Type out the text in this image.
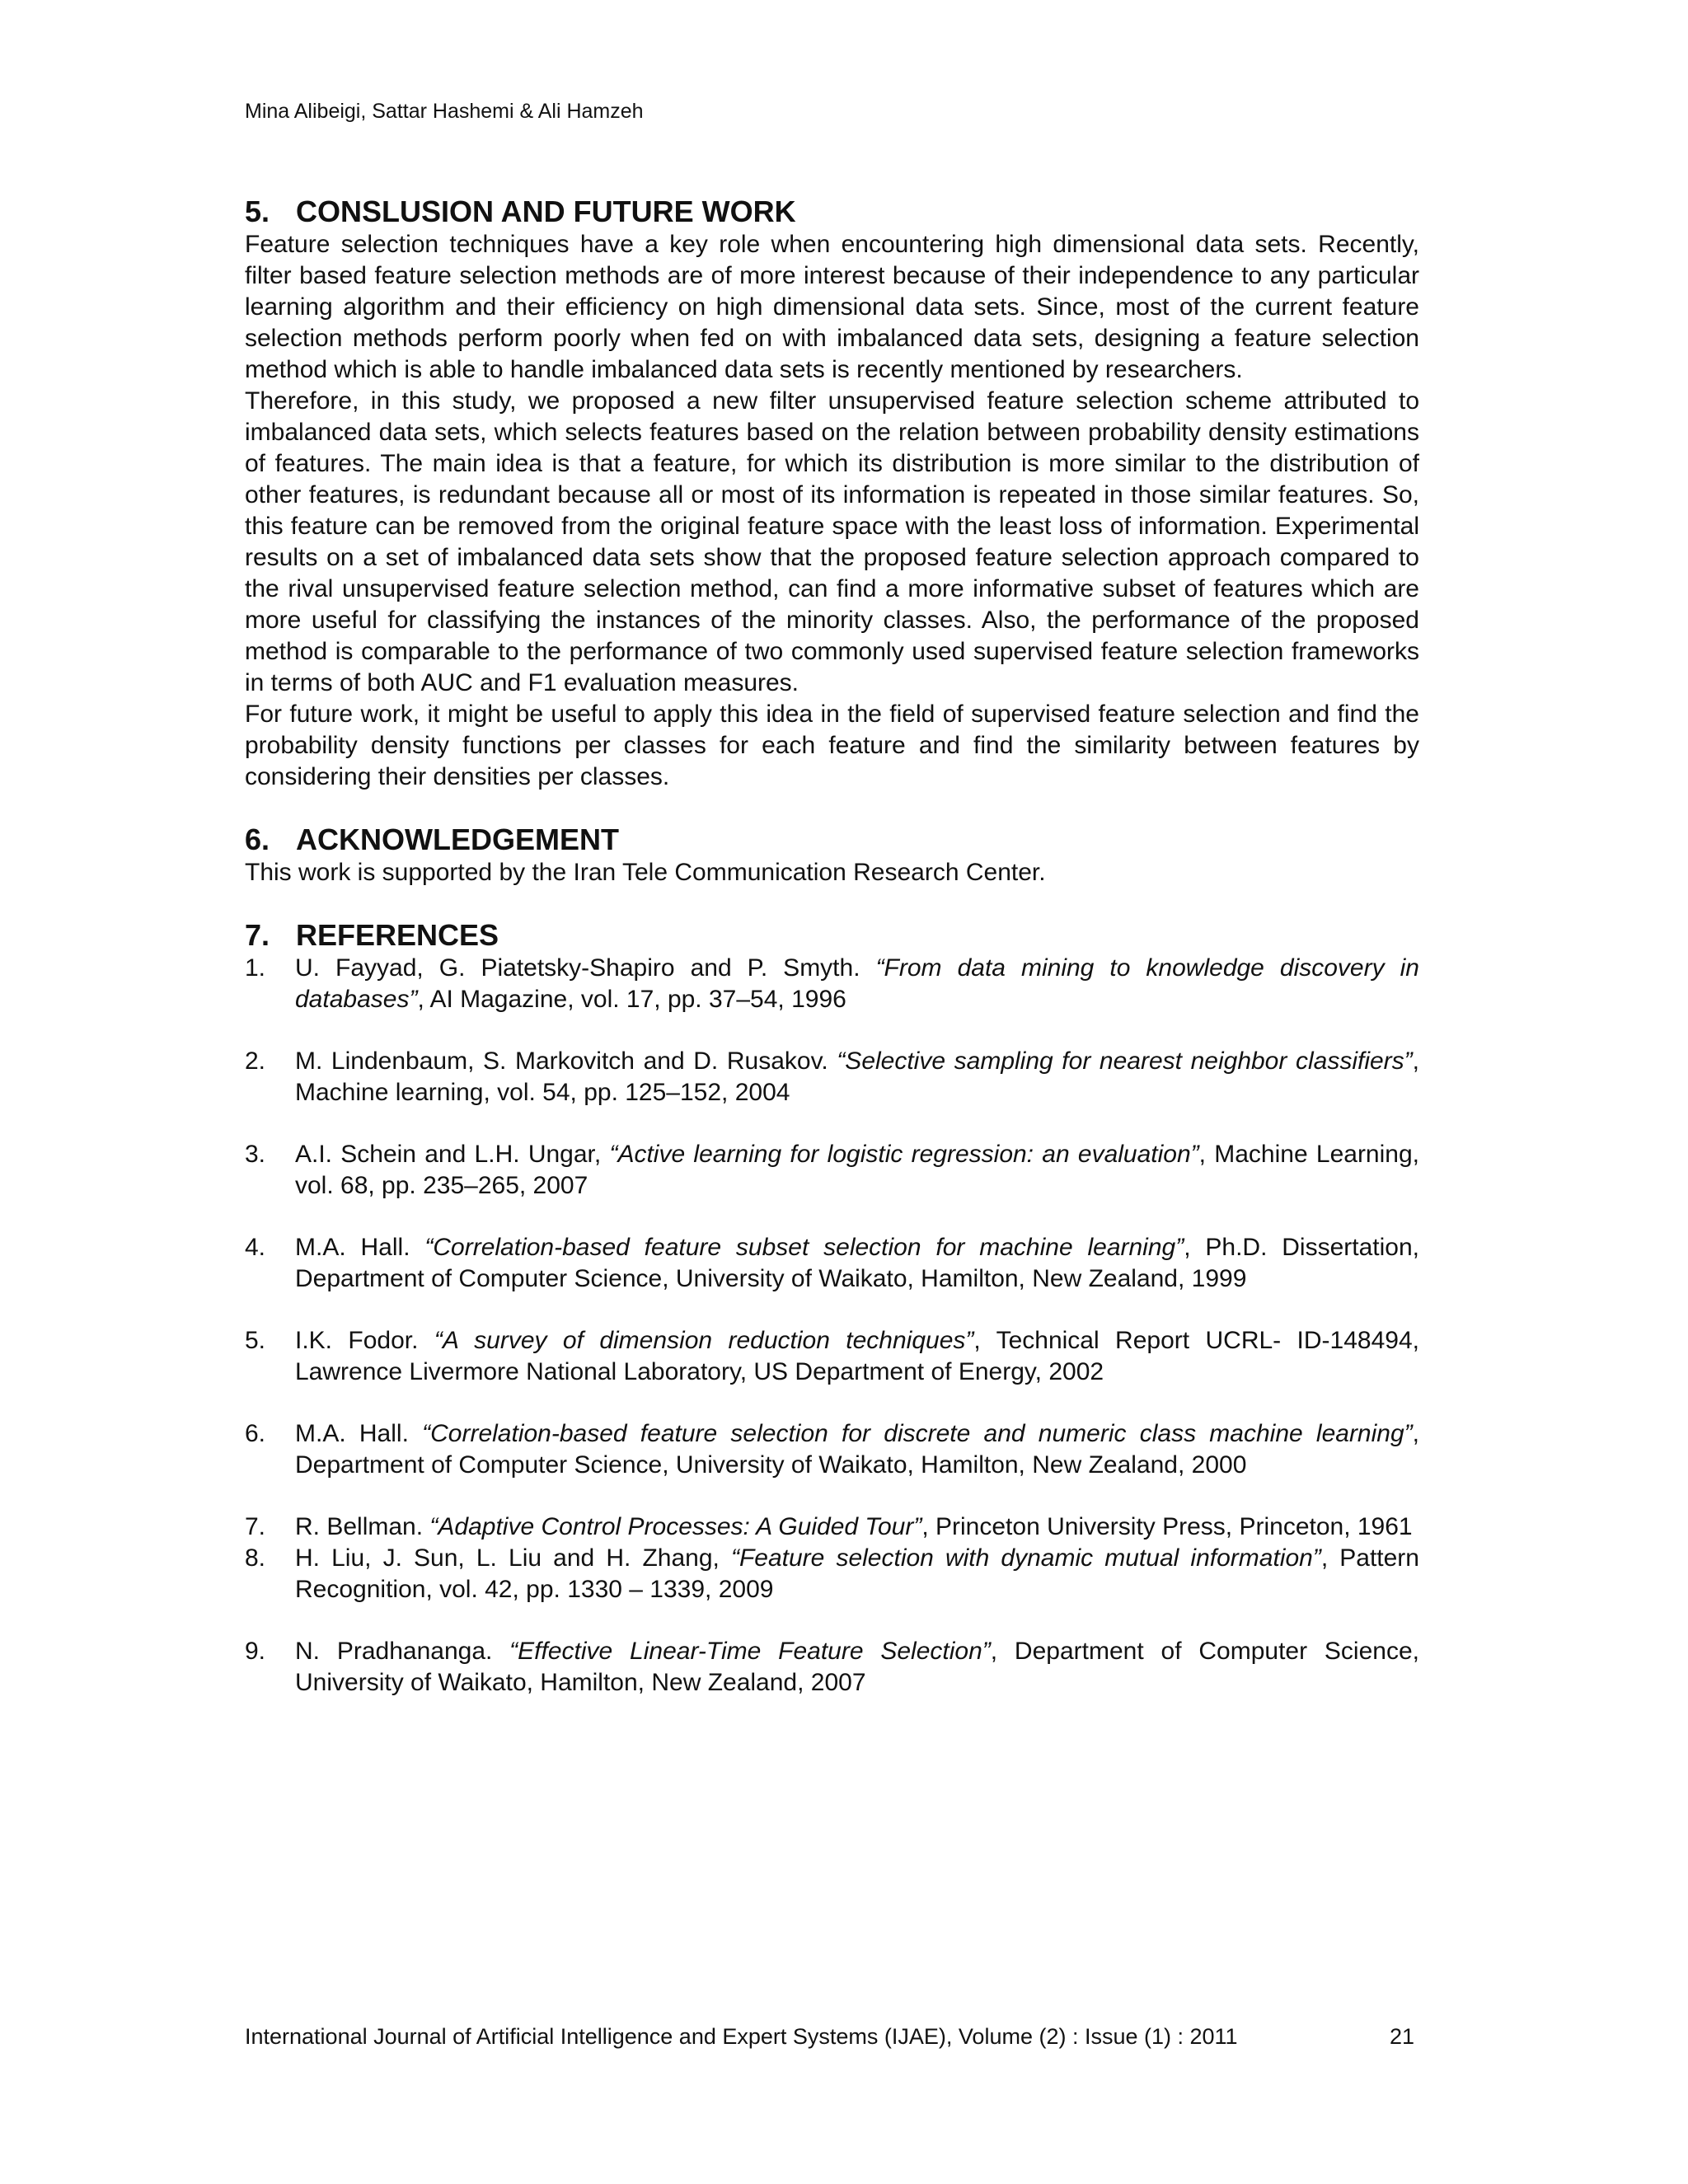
Mina Alibeigi, Sattar Hashemi & Ali Hamzeh
5. CONSLUSION AND FUTURE WORK

Feature selection techniques have a key role when encountering high dimensional data sets. Recently, filter based feature selection methods are of more interest because of their independence to any particular learning algorithm and their efficiency on high dimensional data sets. Since, most of the current feature selection methods perform poorly when fed on with imbalanced data sets, designing a feature selection method which is able to handle imbalanced data sets is recently mentioned by researchers.

Therefore, in this study, we proposed a new filter unsupervised feature selection scheme attributed to imbalanced data sets, which selects features based on the relation between probability density estimations of features. The main idea is that a feature, for which its distribution is more similar to the distribution of other features, is redundant because all or most of its information is repeated in those similar features. So, this feature can be removed from the original feature space with the least loss of information. Experimental results on a set of imbalanced data sets show that the proposed feature selection approach compared to the rival unsupervised feature selection method, can find a more informative subset of features which are more useful for classifying the instances of the minority classes. Also, the performance of the proposed method is comparable to the performance of two commonly used supervised feature selection frameworks in terms of both AUC and F1 evaluation measures.

For future work, it might be useful to apply this idea in the field of supervised feature selection and find the probability density functions per classes for each feature and find the similarity between features by considering their densities per classes.

6. ACKNOWLEDGEMENT

This work is supported by the Iran Tele Communication Research Center.

7. REFERENCES
1.	U. Fayyad, G. Piatetsky-Shapiro and P. Smyth. “From data mining to knowledge discovery in databases”, AI Magazine, vol. 17, pp. 37–54, 1996
2.	M. Lindenbaum, S. Markovitch and D. Rusakov. “Selective sampling for nearest neighbor classifiers”, Machine learning, vol. 54, pp. 125–152, 2004
3.	A.I. Schein and L.H. Ungar, “Active learning for logistic regression: an evaluation”, Machine Learning, vol. 68, pp. 235–265, 2007
4.	M.A. Hall. “Correlation-based feature subset selection for machine learning”, Ph.D. Dissertation, Department of Computer Science, University of Waikato, Hamilton, New Zealand, 1999
5.	I.K. Fodor. “A survey of dimension reduction techniques”, Technical Report UCRL- ID-148494, Lawrence Livermore National Laboratory, US Department of Energy, 2002
6.	M.A. Hall. “Correlation-based feature selection for discrete and numeric class machine learning”, Department of Computer Science, University of Waikato, Hamilton, New Zealand, 2000
7.	R. Bellman. “Adaptive Control Processes: A Guided Tour”, Princeton University Press, Princeton, 1961
8.	H. Liu, J. Sun, L. Liu and H. Zhang, “Feature selection with dynamic mutual information”, Pattern Recognition, vol. 42, pp. 1330 – 1339, 2009
9.	N. Pradhananga. “Effective Linear-Time Feature Selection”, Department of Computer Science, University of Waikato, Hamilton, New Zealand, 2007
International Journal of Artificial Intelligence and Expert Systems (IJAE), Volume (2) : Issue (1) : 2011	21
